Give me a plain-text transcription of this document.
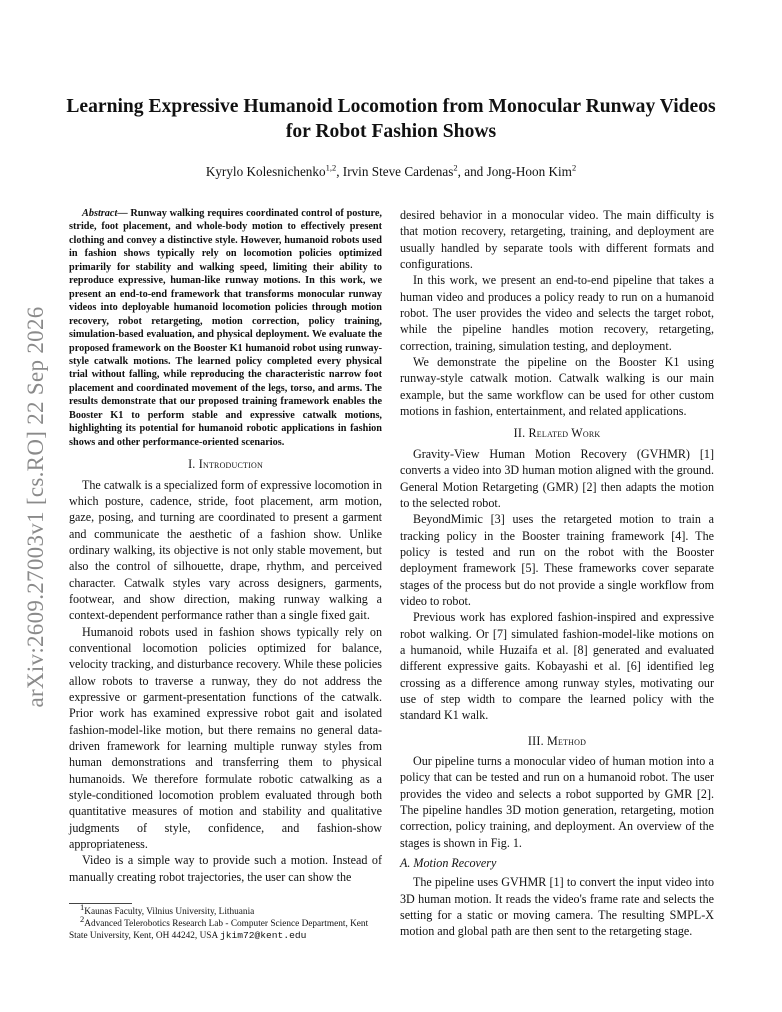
arXiv:2609.27003v1 [cs.RO] 22 Sep 2026
Learning Expressive Humanoid Locomotion from Monocular Runway Videos for Robot Fashion Shows

Kyrylo Kolesnichenko$^{1,2}$, Irvin Steve Cardenas$^2$, and Jong-Hoon Kim$^2$

Abstract— Runway walking requires coordinated control of posture, stride, foot placement, and whole-body motion to effectively present clothing and convey a distinctive style. However, humanoid robots used in fashion shows typically rely on locomotion policies optimized primarily for stability and walking speed, limiting their ability to reproduce expressive, human-like runway motions. In this work, we present an end-to-end framework that transforms monocular runway videos into deployable humanoid locomotion policies through motion recovery, robot retargeting, motion correction, policy training, simulation-based evaluation, and physical deployment. We evaluate the proposed framework on the Booster K1 humanoid robot using runway-style catwalk motions. The learned policy completed every physical trial without falling, while reproducing the characteristic narrow foot placement and coordinated movement of the legs, torso, and arms. The results demonstrate that our proposed training framework enables the Booster K1 to perform stable and expressive catwalk motions, highlighting its potential for humanoid robotic applications in fashion shows and other performance-oriented scenarios.

I. Introduction

The catwalk is a specialized form of expressive locomotion in which posture, cadence, stride, foot placement, arm motion, gaze, posing, and turning are coordinated to present a garment and communicate the aesthetic of a fashion show. Unlike ordinary walking, its objective is not only stable movement, but also the control of silhouette, drape, rhythm, and perceived character. Catwalk styles vary across designers, garments, footwear, and show direction, making runway walking a context-dependent performance rather than a single fixed gait.

Humanoid robots used in fashion shows typically rely on conventional locomotion policies optimized for balance, velocity tracking, and disturbance recovery. While these policies allow robots to traverse a runway, they do not address the expressive or garment-presentation functions of the catwalk. Prior work has examined expressive robot gait and isolated fashion-model-like motion, but there remains no general data-driven framework for learning multiple runway styles from human demonstrations and transferring them to physical humanoids. We therefore formulate robotic catwalking as a style-conditioned locomotion problem evaluated through both quantitative measures of motion and stability and qualitative judgments of style, confidence, and fashion-show appropriateness.

Video is a simple way to provide such a motion. Instead of manually creating robot trajectories, the user can show the

desired behavior in a monocular video. The main difficulty is that motion recovery, retargeting, training, and deployment are usually handled by separate tools with different formats and configurations.

In this work, we present an end-to-end pipeline that takes a human video and produces a policy ready to run on a humanoid robot. The user provides the video and selects the target robot, while the pipeline handles motion recovery, retargeting, correction, training, simulation testing, and deployment.

We demonstrate the pipeline on the Booster K1 using runway-style catwalk motion. Catwalk walking is our main example, but the same workflow can be used for other custom motions in fashion, entertainment, and related applications.

II. Related Work

Gravity-View Human Motion Recovery (GVHMR) [1] converts a video into 3D human motion aligned with the ground. General Motion Retargeting (GMR) [2] then adapts the motion to the selected robot.

BeyondMimic [3] uses the retargeted motion to train a tracking policy in the Booster training framework [4]. The policy is tested and run on the robot with the Booster deployment framework [5]. These frameworks cover separate stages of the process but do not provide a single workflow from video to robot.

Previous work has explored fashion-inspired and expressive robot walking. Or [7] simulated fashion-model-like motions on a humanoid, while Huzaifa et al. [8] generated and evaluated different expressive gaits. Kobayashi et al. [6] identified leg crossing as a difference among runway styles, motivating our use of step width to compare the learned policy with the standard K1 walk.

III. Method

Our pipeline turns a monocular video of human motion into a policy that can be tested and run on a humanoid robot. The user provides the video and selects a robot supported by GMR [2]. The pipeline handles 3D motion generation, retargeting, motion correction, policy training, and deployment. An overview of the stages is shown in Fig. 1.

A. Motion Recovery

The pipeline uses GVHMR [1] to convert the input video into 3D human motion. It reads the video's frame rate and selects the setting for a static or moving camera. The resulting SMPL-X motion and global path are then sent to the retargeting stage.

$^1$Kaunas Faculty, Vilnius University, Lithuania
$^2$Advanced Telerobotics Research Lab - Computer Science Department, Kent State University, Kent, OH 44242, USA jkim72@kent.edu
